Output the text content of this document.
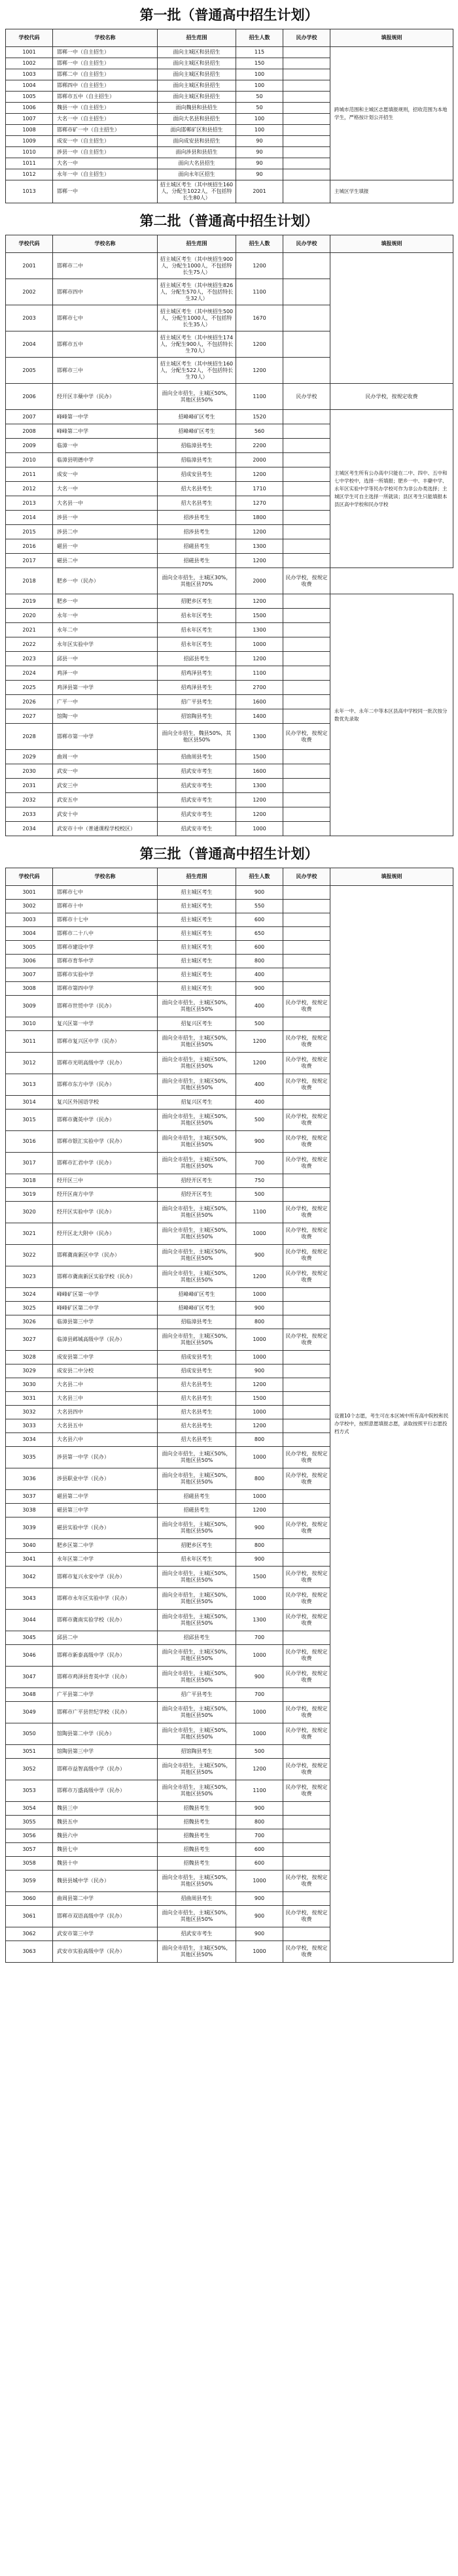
第一批（普通高中招生计划）
学校代码	学校名称	招生范围	招生人数	民办学校	填报规则
1001	邯郸一中（自主招生）	面向主城区和县招生	115		跨城市范围和主城区志愿填报规则，招收范围为本地学生，严格按计划公开招生
1002	邯郸一中（自主招生）	面向主城区和县招生	150		
1003	邯郸二中（自主招生）	面向主城区和县招生	100		
1004	邯郸四中（自主招生）	面向主城区和县招生	100		
1005	邯郸市五中（自主招生）	面向主城区和县招生	50		
1006	魏县一中（自主招生）	面向魏县和县招生	50		
1007	大名一中（自主招生）	面向大名县和县招生	100		
1008	邯郸市矿一中（自主招生）	面向邯郸矿区和县招生	100		
1009	成安一中（自主招生）	面向成安县和县招生	90		
1010	涉县一中（自主招生）	面向涉县和县招生	90		
1011	大名一中	面向大名县招生	90		
1012	永年一中（自主招生）	面向永年区招生	90		
1013	邯郸一中	招主城区考生（其中统招生160人，分配生1022人，不包括特长生80人）	2001		主城区学生填报
第二批（普通高中招生计划）
学校代码	学校名称	招生范围	招生人数	民办学校	填报规则
2001	邯郸市二中	招主城区考生（其中统招生900人，分配生1000人，不包括特长生75人）	1200		
2002	邯郸市四中	招主城区考生（其中统招生826人，分配生570人，不包括特长生32人）	1100		
2003	邯郸市七中	招主城区考生（其中统招生500人，分配生1000人，不包括特长生35人）	1670		
2004	邯郸市五中	招主城区考生（其中统招生174人，分配生900人，不包括特长生70人）	1200		
2005	邯郸市三中	招主城区考生（其中统招生160人，分配生522人，不包括特长生70人）	1200		
2006	经开区丰蘖中学（民办）	面向全市招生，主城区50%，其他区县50%	1100	民办学校	民办学校，按规定收费
2007	峰峰第一中学	招峰峰矿区考生	1520		主城区考生所有公办高中只能在二中、四中、五中和七中学校中，选择一所填报；肥乡一中、丰蘖中学、永年区实验中学等民办学校可作为非公办类选择；主城区学生可自主选择一所就读；县区考生只能填报本县区高中学校和民办学校
2008	峰峰第二中学	招峰峰矿区考生	560		
2009	临漳一中	招临漳县考生	2200		
2010	临漳县明德中学	招临漳县考生	2000		
2011	成安一中	招成安县考生	1200		
2012	大名一中	招大名县考生	1710		
2013	大名县一中	招大名县考生	1270		
2014	涉县一中	招涉县考生	1800		
2015	涉县二中	招涉县考生	1200		
2016	磁县一中	招磁县考生	1300		
2017	磁县二中	招磁县考生	1200		
2018	肥乡一中（民办）	面向全市招生，主城区30%，其他区县70%	2000	民办学校，按规定收费	
2019	肥乡一中	招肥乡区考生	1200		永年一中、永年二中等本区县高中学校同一批次按分数优先录取
2020	永年一中	招永年区考生	1500		
2021	永年二中	招永年区考生	1300		
2022	永年区实验中学	招永年区考生	1000		
2023	邱县一中	招邱县考生	1200		
2024	鸡泽一中	招鸡泽县考生	1100		
2025	鸡泽县第一中学	招鸡泽县考生	2700		
2026	广平一中	招广平县考生	1600		
2027	馆陶一中	招馆陶县考生	1400		
2028	邯郸市第一中学	面向全市招生，魏县50%，其他区县50%	1300	民办学校，按规定收费	
2029	曲周一中	招曲周县考生	1500		
2030	武安一中	招武安市考生	1600		
2031	武安三中	招武安市考生	1300		
2032	武安五中	招武安市考生	1200		
2033	武安十中	招武安市考生	1200		
2034	武安市十中（普通课程学校校区）	招武安市考生	1000		
第三批（普通高中招生计划）
学校代码	学校名称	招生范围	招生人数	民办学校	填报规则
3001	邯郸市七中	招主城区考生	900		设置10个志愿，考生可在本区域中所有高中院校和民办学校中，按照意愿填报志愿，录取按照平行志愿投档方式
3002	邯郸市十中	招主城区考生	550		
3003	邯郸市十七中	招主城区考生	600		
3004	邯郸市二十八中	招主城区考生	650		
3005	邯郸市建设中学	招主城区考生	600		
3006	邯郸市育华中学	招主城区考生	800		
3007	邯郸市实验中学	招主城区考生	400		
3008	邯郸市第四中学	招主城区考生	900		
3009	邯郸市世贸中学（民办）	面向全市招生，主城区50%，其他区县50%	400	民办学校，按规定收费	
3010	复兴区第一中学	招复兴区考生	500		
3011	邯郸市复兴区中学（民办）	面向全市招生，主城区50%，其他区县50%	1200	民办学校，按规定收费	
3012	邯郸市光明高级中学（民办）	面向全市招生，主城区50%，其他区县50%	1200	民办学校，按规定收费	
3013	邯郸市东方中学（民办）	面向全市招生，主城区50%，其他区县50%	400	民办学校，按规定收费	
3014	复兴区外国语学校	招复兴区考生	400		
3015	邯郸市冀英中学（民办）	面向全市招生，主城区50%，其他区县50%	500	民办学校，按规定收费	
3016	邯郸市银汇实验中学（民办）	面向全市招生，主城区50%，其他区县50%	900	民办学校，按规定收费	
3017	邯郸市汇君中学（民办）	面向全市招生，主城区50%，其他区县50%	700	民办学校，按规定收费	
3018	经开区三中	招经开区考生	750		
3019	经开区南方中学	招经开区考生	500		
3020	经开区实验中学（民办）	面向全市招生，主城区50%，其他区县50%	1100	民办学校，按规定收费	
3021	经开区北大附中（民办）	面向全市招生，主城区50%，其他区县50%	1000	民办学校，按规定收费	
3022	邯郸冀南新区中学（民办）	面向全市招生，主城区50%，其他区县50%	900	民办学校，按规定收费	
3023	邯郸市冀南新区实验学校（民办）	面向全市招生，主城区50%，其他区县50%	1200	民办学校，按规定收费	
3024	峰峰矿区第一中学	招峰峰矿区考生	1000		
3025	峰峰矿区第二中学	招峰峰矿区考生	900		
3026	临漳县第三中学	招临漳县考生	800		
3027	临漳县邺城高级中学（民办）	面向全市招生，主城区50%，其他区县50%	1000	民办学校，按规定收费	
3028	成安县第二中学	招成安县考生	1000		
3029	成安县二中分校	招成安县考生	900		
3030	大名县二中	招大名县考生	1200		
3031	大名县三中	招大名县考生	1500		
3032	大名县四中	招大名县考生	1000		
3033	大名县五中	招大名县考生	1200		
3034	大名县六中	招大名县考生	800		
3035	涉县第一中学（民办）	面向全市招生，主城区50%，其他区县50%	1000	民办学校，按规定收费	
3036	涉县职业中学（民办）	面向全市招生，主城区50%，其他区县50%	800	民办学校，按规定收费	
3037	磁县第二中学	招磁县考生	1000		
3038	磁县第三中学	招磁县考生	1200		
3039	磁县实验中学（民办）	面向全市招生，主城区50%，其他区县50%	900	民办学校，按规定收费	
3040	肥乡区第二中学	招肥乡区考生	800		
3041	永年区第二中学	招永年区考生	900		
3042	邯郸市复兴永安中学（民办）	面向全市招生，主城区50%，其他区县50%	1500	民办学校，按规定收费	
3043	邯郸市永年区实验中学（民办）	面向全市招生，主城区50%，其他区县50%	1000	民办学校，按规定收费	
3044	邯郸市冀南实验学校（民办）	面向全市招生，主城区50%，其他区县50%	1300	民办学校，按规定收费	
3045	邱县二中	招邱县考生	700		
3046	邯郸市新泰高级中学（民办）	面向全市招生，主城区50%，其他区县50%	1000	民办学校，按规定收费	
3047	邯郸市鸡泽县育英中学（民办）	面向全市招生，主城区50%，其他区县50%	900	民办学校，按规定收费	
3048	广平县第二中学	招广平县考生	700		
3049	邯郸市广平县世纪学校（民办）	面向全市招生，主城区50%，其他区县50%	1000	民办学校，按规定收费	
3050	馆陶县第二中学（民办）	面向全市招生，主城区50%，其他区县50%	1000	民办学校，按规定收费	
3051	馆陶县第三中学	招馆陶县考生	500		
3052	邯郸市益智高级中学（民办）	面向全市招生，主城区50%，其他区县50%	1200	民办学校，按规定收费	
3053	邯郸市万盛高级中学（民办）	面向全市招生，主城区50%，其他区县50%	1100	民办学校，按规定收费	
3054	魏县三中	招魏县考生	900		
3055	魏县五中	招魏县考生	800		
3056	魏县六中	招魏县考生	700		
3057	魏县七中	招魏县考生	600		
3058	魏县十中	招魏县考生	600		
3059	魏县县城中学（民办）	面向全市招生，主城区50%，其他区县50%	1000	民办学校，按规定收费	
3060	曲周县第二中学	招曲周县考生	900		
3061	邯郸市双语高级中学（民办）	面向全市招生，主城区50%，其他区县50%	900	民办学校，按规定收费	
3062	武安市第三中学	招武安市考生	900		
3063	武安市实验高级中学（民办）	面向全市招生，主城区50%，其他区县50%	1000	民办学校，按规定收费	
